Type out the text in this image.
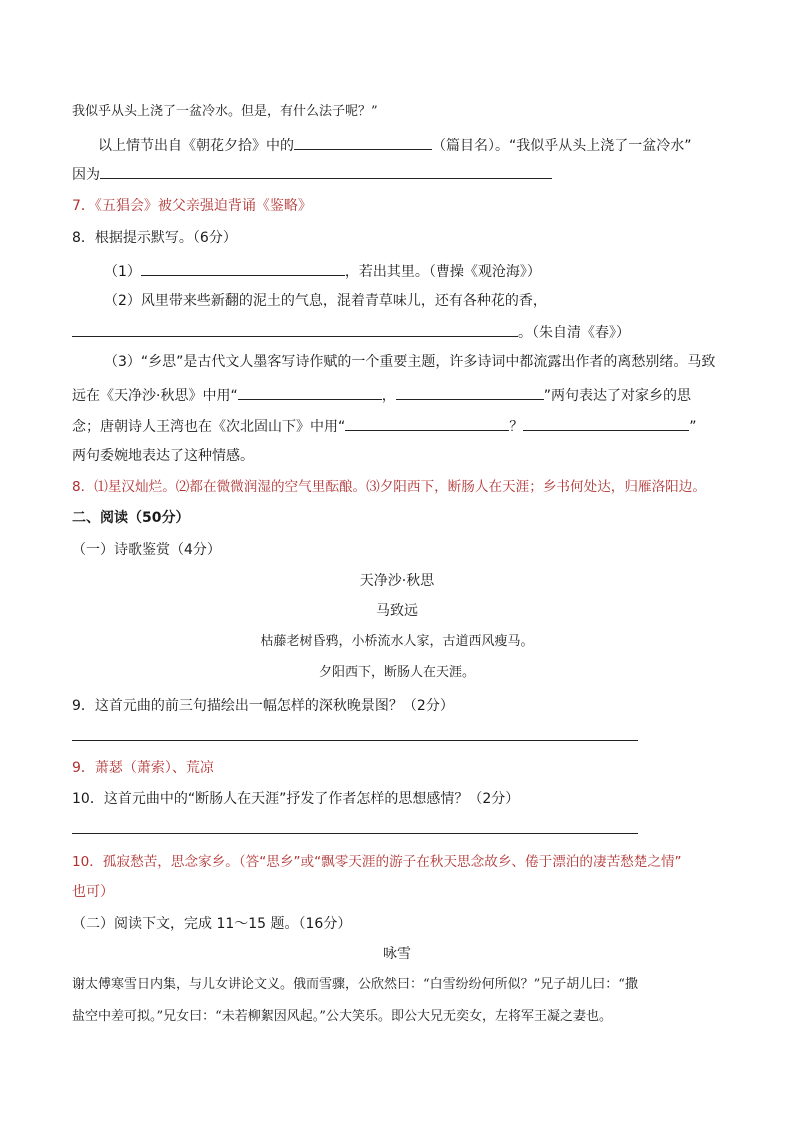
我似乎从头上浇了一盆冷水。但是，有什么法子呢？”
以上情节出自《朝花夕拾》中的	（篇目名）。“我似乎从头上浇了一盆冷水”
因为
7．《五猖会》被父亲强迫背诵《鉴略》
8．根据提示默写。（6分）
（1）	，若出其里。（曹操《观沧海》）
（2）风里带来些新翻的泥土的气息，混着青草味儿，还有各种花的香，
。（朱自清《春》）
（3）“乡思”是古代文人墨客写诗作赋的一个重要主题，许多诗词中都流露出作者的离愁别绪。马致
远在《天净沙·秋思》中用“	，	”两句表达了对家乡的思
念；唐朝诗人王湾也在《次北固山下》中用“	？	”
两句委婉地表达了这种情感。
8．⑴星汉灿烂。⑵都在微微润湿的空气里酝酿。⑶夕阳西下，断肠人在天涯；乡书何处达，归雁洛阳边。
二、阅读（50分）
（一）诗歌鉴赏（4分）
天净沙·秋思
马致远
枯藤老树昏鸦，小桥流水人家，古道西风瘦马。
夕阳西下，断肠人在天涯。
9．这首元曲的前三句描绘出一幅怎样的深秋晚景图？（2分）
9．萧瑟（萧索）、荒凉
10．这首元曲中的“断肠人在天涯”抒发了作者怎样的思想感情？（2分）
10．孤寂愁苦，思念家乡。（答“思乡”或“飘零天涯的游子在秋天思念故乡、倦于漂泊的凄苦愁楚之情”
也可）
（二）阅读下文，完成 11～15 题。（16分）
咏雪
谢太傅寒雪日内集，与儿女讲论文义。俄而雪骤，公欣然曰：“白雪纷纷何所似？”兄子胡儿曰：“撒
盐空中差可拟。”兄女曰：“未若柳絮因风起。”公大笑乐。即公大兄无奕女，左将军王凝之妻也。
